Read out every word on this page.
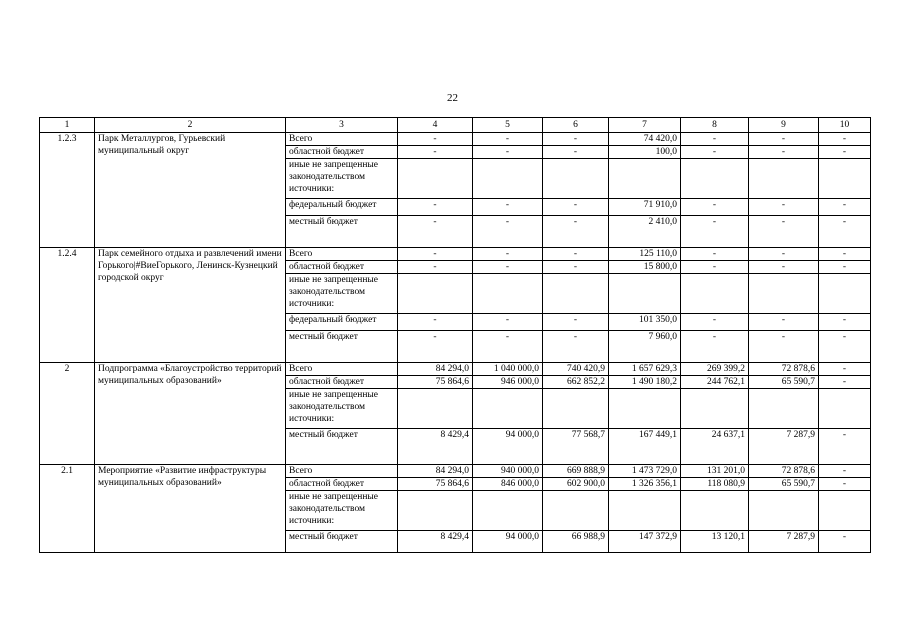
22
1	2	3	4	5	6	7	8	9	10
1.2.3	Парк Металлургов, Гурьевский муниципальный округ	Всего	-	-	-	74 420,0	-	-	-
		областной бюджет	-	-	-	100,0	-	-	-
		иные не запрещенные законодательством источники:							
		федеральный бюджет	-	-	-	71 910,0	-	-	-
		местный бюджет	-	-	-	2 410,0	-	-	-
1.2.4	Парк семейного отдыха и развлечений имени Горького|#ВиеГорького, Ленинск-Кузнецкий городской округ	Всего	-	-	-	125 110,0	-	-	-
		областной бюджет	-	-	-	15 800,0	-	-	-
		иные не запрещенные законодательством источники:							
		федеральный бюджет	-	-	-	101 350,0	-	-	-
		местный бюджет	-	-	-	7 960,0	-	-	-
2	Подпрограмма «Благоустройство территорий муниципальных образований»	Всего	84 294,0	1 040 000,0	740 420,9	1 657 629,3	269 399,2	72 878,6	-
		областной бюджет	75 864,6	946 000,0	662 852,2	1 490 180,2	244 762,1	65 590,7	-
		иные не запрещенные законодательством источники:							
		местный бюджет	8 429,4	94 000,0	77 568,7	167 449,1	24 637,1	7 287,9	-
2.1	Мероприятие «Развитие инфраструктуры муниципальных образований»	Всего	84 294,0	940 000,0	669 888,9	1 473 729,0	131 201,0	72 878,6	-
		областной бюджет	75 864,6	846 000,0	602 900,0	1 326 356,1	118 080,9	65 590,7	-
		иные не запрещенные законодательством источники:							
		местный бюджет	8 429,4	94 000,0	66 988,9	147 372,9	13 120,1	7 287,9	-
